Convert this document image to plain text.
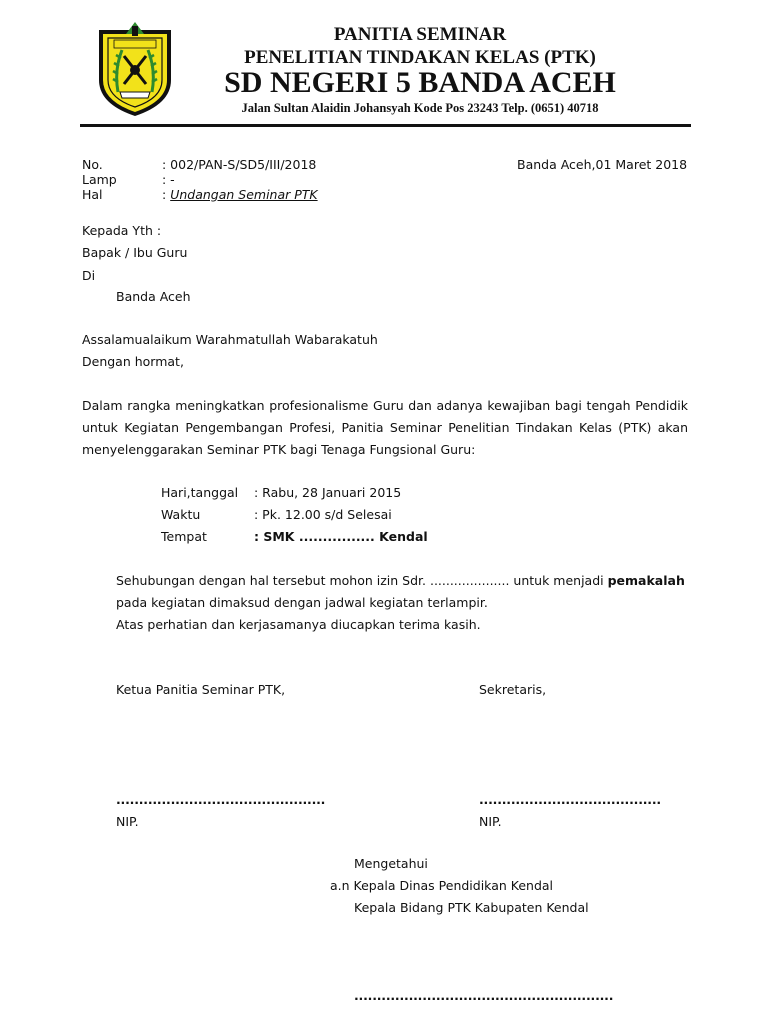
PANITIA SEMINAR
PENELITIAN TINDAKAN KELAS (PTK)
SD NEGERI 5 BANDA ACEH
Jalan Sultan Alaidin Johansyah Kode Pos 23243 Telp. (0651) 40718
No.	: 002/PAN-S/SD5/III/2018	Banda Aceh,01 Maret 2018
Lamp	: -
Hal	: Undangan Seminar PTK
Kepada Yth :
Bapak / Ibu Guru
Di
Banda Aceh
Assalamualaikum Warahmatullah Wabarakatuh
Dengan hormat,
Dalam rangka meningkatkan profesionalisme Guru dan adanya kewajiban bagi tengah Pendidik
untuk Kegiatan Pengembangan Profesi, Panitia Seminar Penelitian Tindakan Kelas (PTK) akan
menyelenggarakan Seminar PTK bagi Tenaga Fungsional Guru:
Hari,tanggal : Rabu, 28 Januari 2015
Waktu	: Pk. 12.00 s/d Selesai
Tempat	: SMK ................ Kendal
Sehubungan dengan hal tersebut mohon izin Sdr. .................... untuk menjadi pemakalah
pada kegiatan dimaksud dengan jadwal kegiatan terlampir.
Atas perhatian dan kerjasamanya diucapkan terima kasih.
Ketua Panitia Seminar PTK,	Sekretaris,
..............................................	........................................
NIP.	NIP.
Mengetahui
a.n Kepala Dinas Pendidikan Kendal
Kepala Bidang PTK Kabupaten Kendal
.........................................................
